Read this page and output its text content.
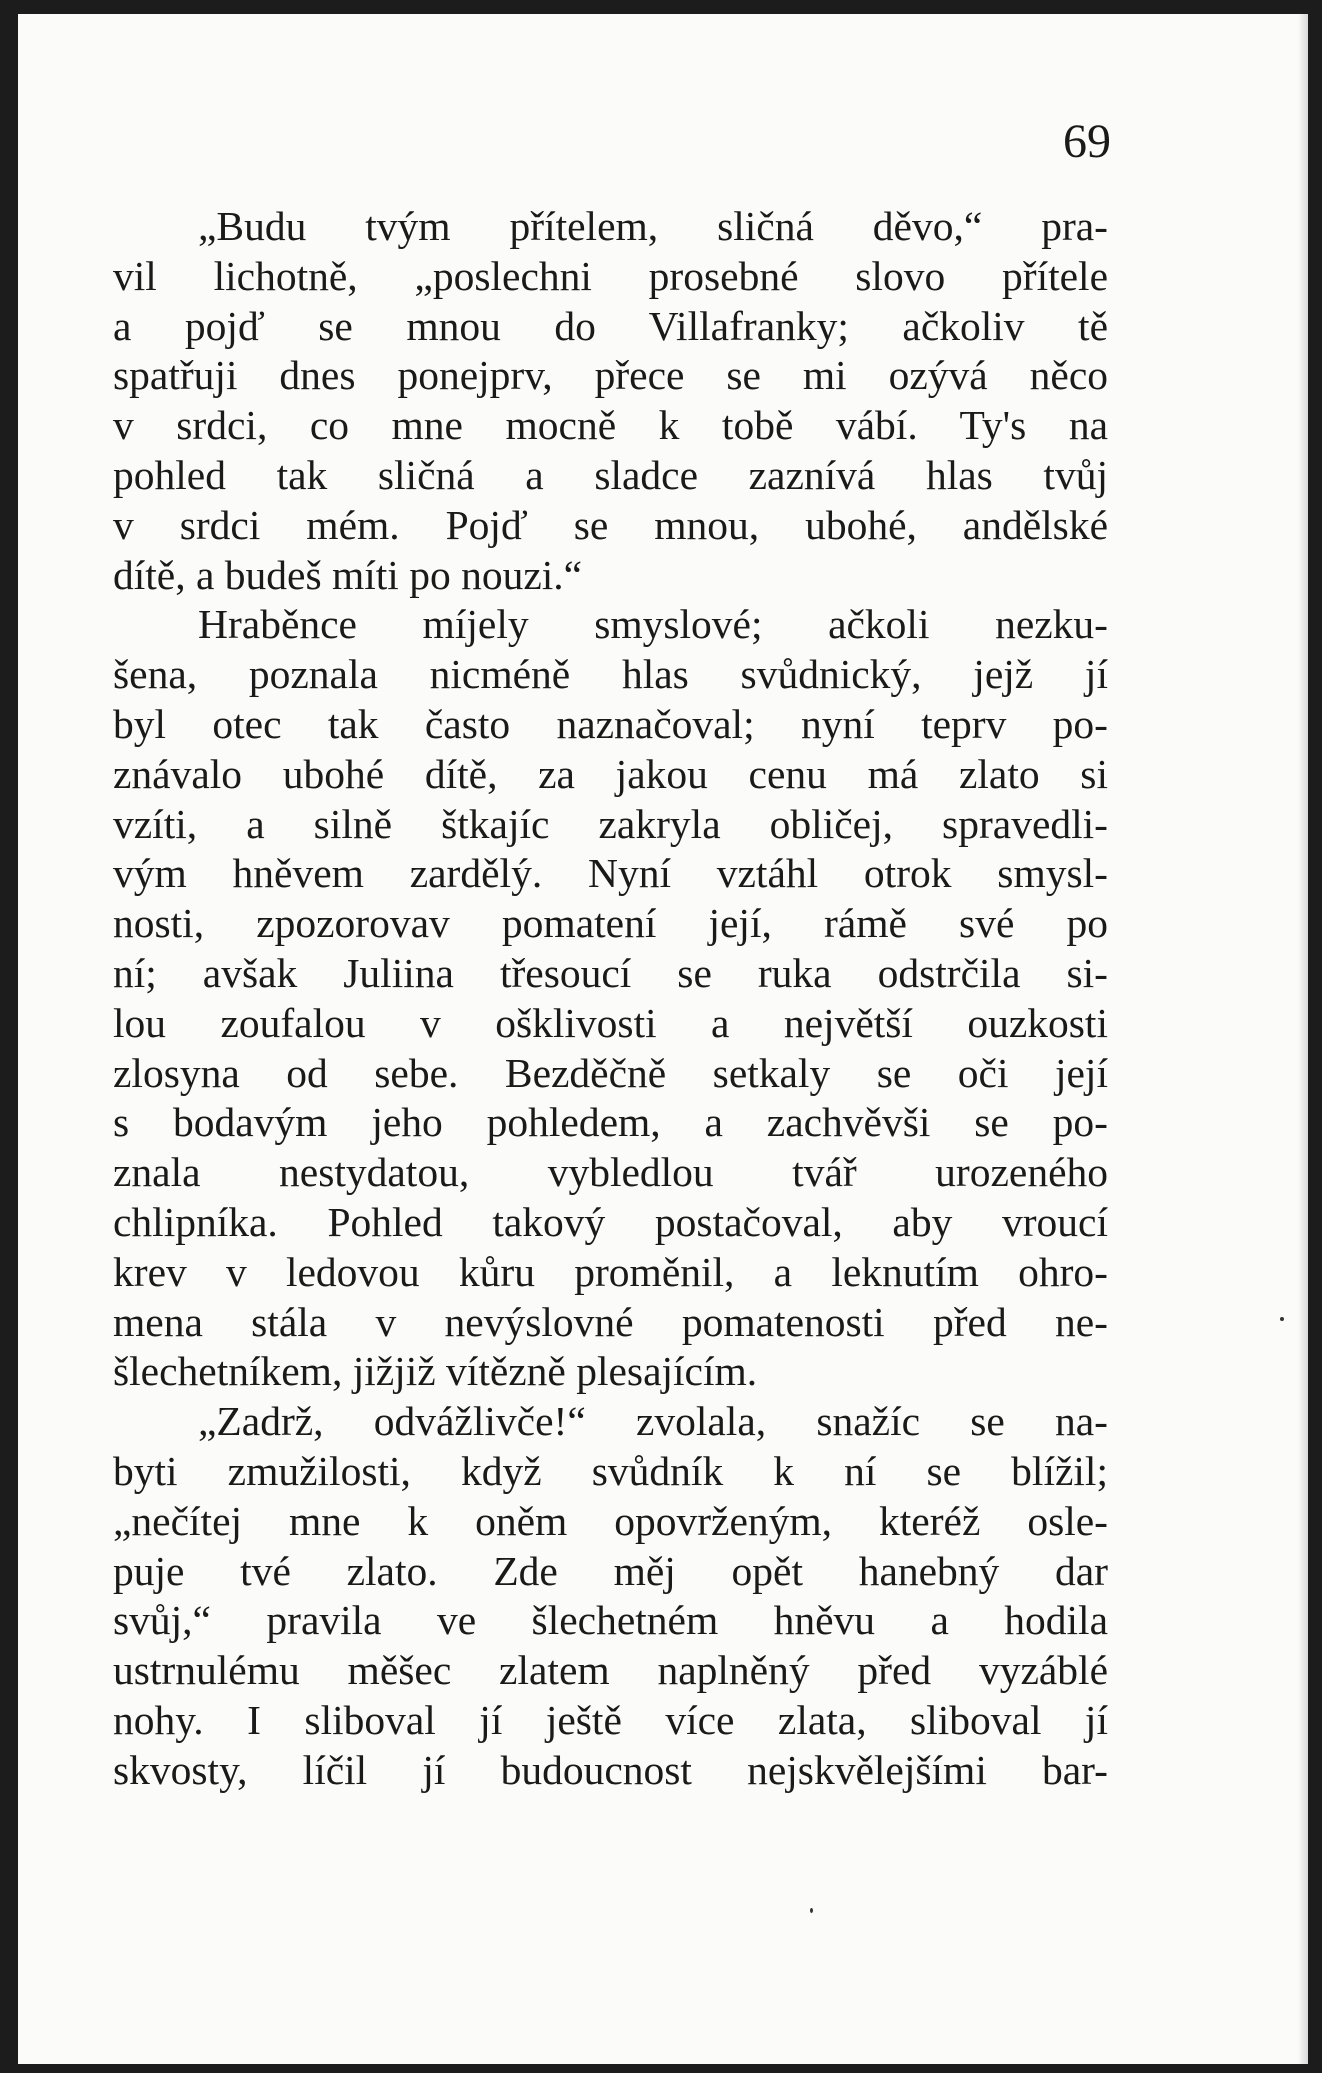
69

„Budu tvým přítelem, sličná děvo,“ pra-
vil lichotně, „poslechni prosebné slovo přítele
a pojď se mnou do Villafranky; ačkoliv tě
spatřuji dnes ponejprv, přece se mi ozývá něco
v srdci, co mne mocně k tobě vábí. Ty's na
pohled tak sličná a sladce zaznívá hlas tvůj
v srdci mém. Pojď se mnou, ubohé, andělské
dítě, a budeš míti po nouzi.“
Hraběnce míjely smyslové; ačkoli nezku-
šena, poznala nicméně hlas svůdnický, jejž jí
byl otec tak často naznačoval; nyní teprv po-
znávalo ubohé dítě, za jakou cenu má zlato si
vzíti, a silně štkajíc zakryla obličej, spravedli-
vým hněvem zardělý. Nyní vztáhl otrok smysl-
nosti, zpozorovav pomatení její, rámě své po
ní; avšak Juliina třesoucí se ruka odstrčila si-
lou zoufalou v ošklivosti a největší ouzkosti
zlosyna od sebe. Bezděčně setkaly se oči její
s bodavým jeho pohledem, a zachvěvši se po-
znala nestydatou, vybledlou tvář urozeného
chlipníka. Pohled takový postačoval, aby vroucí
krev v ledovou kůru proměnil, a leknutím ohro-
mena stála v nevýslovné pomatenosti před ne-
šlechetníkem, jižjiž vítězně plesajícím.
„Zadrž, odvážlivče!“ zvolala, snažíc se na-
byti zmužilosti, když svůdník k ní se blížil;
„nečítej mne k oněm opovrženým, kteréž osle-
puje tvé zlato. Zde měj opět hanebný dar
svůj,“ pravila ve šlechetném hněvu a hodila
ustrnulému měšec zlatem naplněný před vyzáblé
nohy. I sliboval jí ještě více zlata, sliboval jí
skvosty, líčil jí budoucnost nejskvělejšími bar-
